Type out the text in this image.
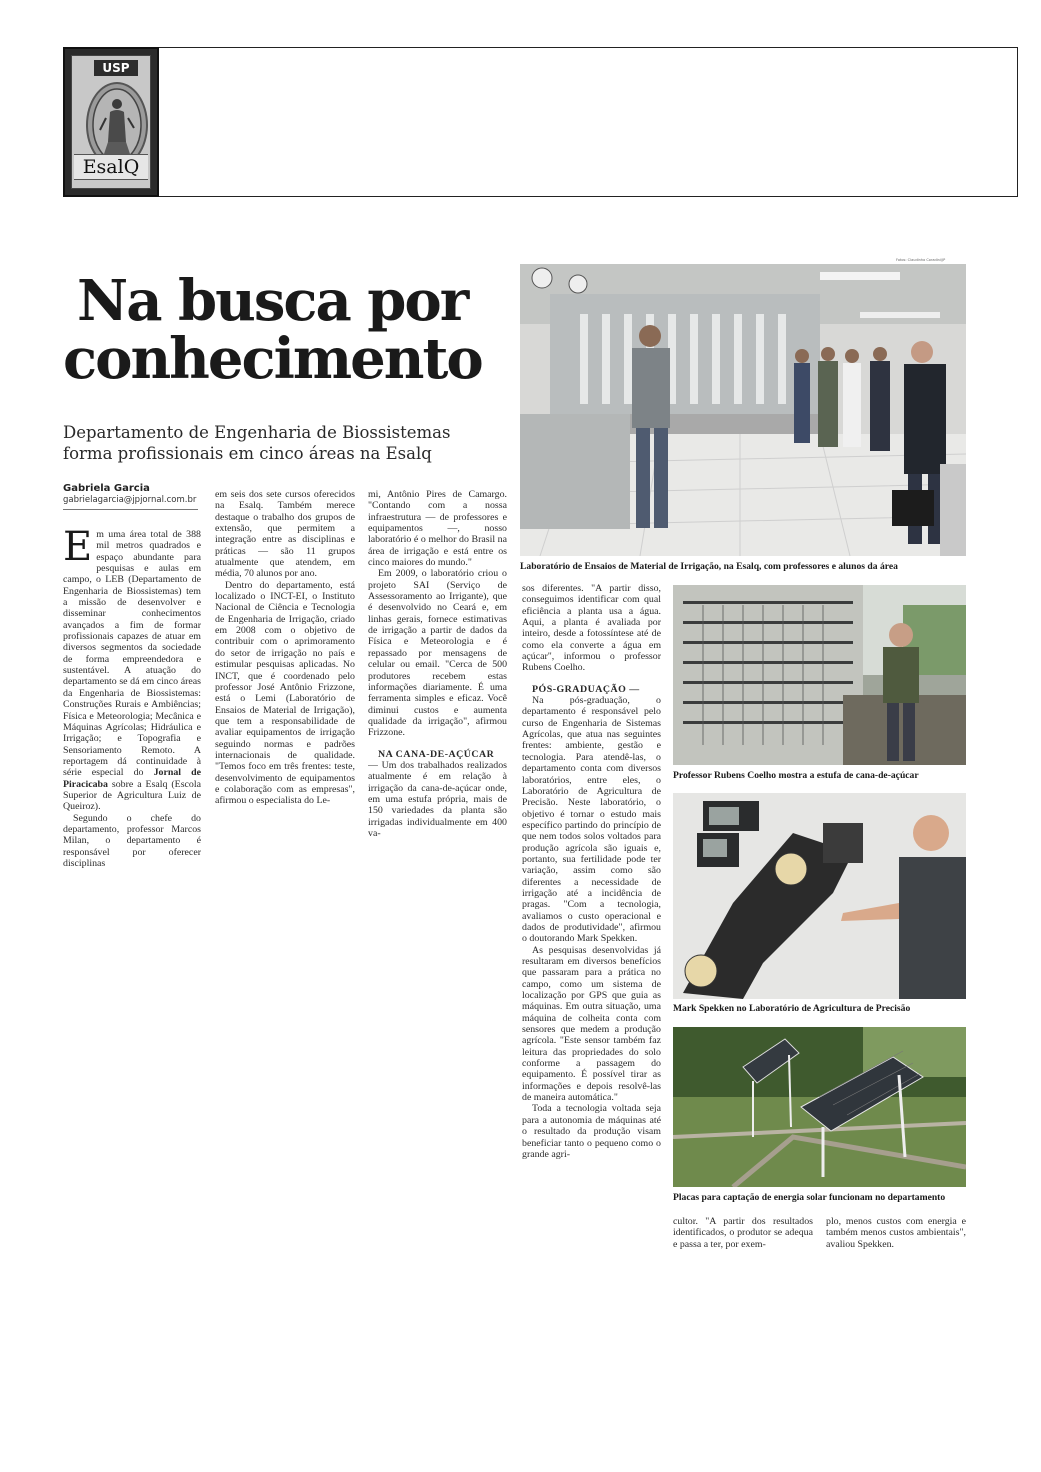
USP
EsalQ
Na busca por
conhecimento
Departamento de Engenharia de Biossistemas forma profissionais em cinco áreas na Esalq
Gabriela Garcia
gabrielagarcia@jpjornal.com.br

Em uma área total de 388 mil metros quadrados e espaço abundante para pesquisas e aulas em campo, o LEB (Departamento de Engenharia de Biossistemas) tem a missão de desenvolver e disseminar conhecimentos avançados a fim de formar profissionais capazes de atuar em diversos segmentos da sociedade de forma empreendedora e sustentável. A atuação do departamento se dá em cinco áreas da Engenharia de Biossistemas: Construções Rurais e Ambiências; Física e Meteorologia; Mecânica e Máquinas Agrícolas; Hidráulica e Irrigação; e Topografia e Sensoriamento Remoto. A reportagem dá continuidade à série especial do Jornal de Piracicaba sobre a Esalq (Escola Superior de Agricultura Luiz de Queiroz).

Segundo o chefe do departamento, professor Marcos Milan, o departamento é responsável por oferecer disciplinas

em seis dos sete cursos oferecidos na Esalq. Também merece destaque o trabalho dos grupos de extensão, que permitem a integração entre as disciplinas e práticas — são 11 grupos atualmente que atendem, em média, 70 alunos por ano.

Dentro do departamento, está localizado o INCT-EI, o Instituto Nacional de Ciência e Tecnologia de Engenharia de Irrigação, criado em 2008 com o objetivo de contribuir com o aprimoramento do setor de irrigação no país e estimular pesquisas aplicadas. No INCT, que é coordenado pelo professor José Antônio Frizzone, está o Lemi (Laboratório de Ensaios de Material de Irrigação), que tem a responsabilidade de avaliar equipamentos de irrigação seguindo normas e padrões internacionais de qualidade. "Temos foco em três frentes: teste, desenvolvimento de equipamentos e colaboração com as empresas", afirmou o especialista do Le-

mi, Antônio Pires de Camargo. "Contando com a nossa infraestrutura — de professores e equipamentos —, nosso laboratório é o melhor do Brasil na área de irrigação e está entre os cinco maiores do mundo."

Em 2009, o laboratório criou o projeto SAI (Serviço de Assessoramento ao Irrigante), que é desenvolvido no Ceará e, em linhas gerais, fornece estimativas de irrigação a partir de dados da Física e Meteorologia e é repassado por mensagens de celular ou email. "Cerca de 500 produtores recebem estas informações diariamente. É uma ferramenta simples e eficaz. Você diminui custos e aumenta qualidade da irrigação", afirmou Frizzone.

NA CANA-DE-AÇÚCAR
— Um dos trabalhados realizados atualmente é em relação à irrigação da cana-de-açúcar onde, em uma estufa própria, mais de 150 variedades da planta são irrigadas individualmente em 400 va-

sos diferentes. "A partir disso, conseguimos identificar com qual eficiência a planta usa a água. Aqui, a planta é avaliada por inteiro, desde a fotossíntese até de como ela converte a água em açúcar", informou o professor Rubens Coelho.

PÓS-GRADUAÇÃO —

Na pós-graduação, o departamento é responsável pelo curso de Engenharia de Sistemas Agrícolas, que atua nas seguintes frentes: ambiente, gestão e tecnologia. Para atendê-las, o departamento conta com diversos laboratórios, entre eles, o Laboratório de Agricultura de Precisão. Neste laboratório, o objetivo é tornar o estudo mais específico partindo do princípio de que nem todos solos voltados para produção agrícola são iguais e, portanto, sua fertilidade pode ter variação, assim como são diferentes a necessidade de irrigação até a incidência de pragas. "Com a tecnologia, avaliamos o custo operacional e dados de produtividade", afirmou o doutorando Mark Spekken.

As pesquisas desenvolvidas já resultaram em diversos benefícios que passaram para a prática no campo, como um sistema de localização por GPS que guia as máquinas. Em outra situação, uma máquina de colheita conta com sensores que medem a produção agrícola. "Este sensor também faz leitura das propriedades do solo conforme a passagem do equipamento. É possível tirar as informações e depois resolvê-las de maneira automática."

Toda a tecnologia voltada seja para a autonomia de máquinas até o resultado da produção visam beneficiar tanto o pequeno como o grande agri-

cultor. "A partir dos resultados identificados, o produtor se adequa e passa a ter, por exem-

plo, menos custos com energia e também menos custos ambientais", avaliou Spekken.

Fotos: Claudinho Coradini/JP
Laboratório de Ensaios de Material de Irrigação, na Esalq, com professores e alunos da área
Professor Rubens Coelho mostra a estufa de cana-de-açúcar
Mark Spekken no Laboratório de Agricultura de Precisão
Placas para captação de energia solar funcionam no departamento
